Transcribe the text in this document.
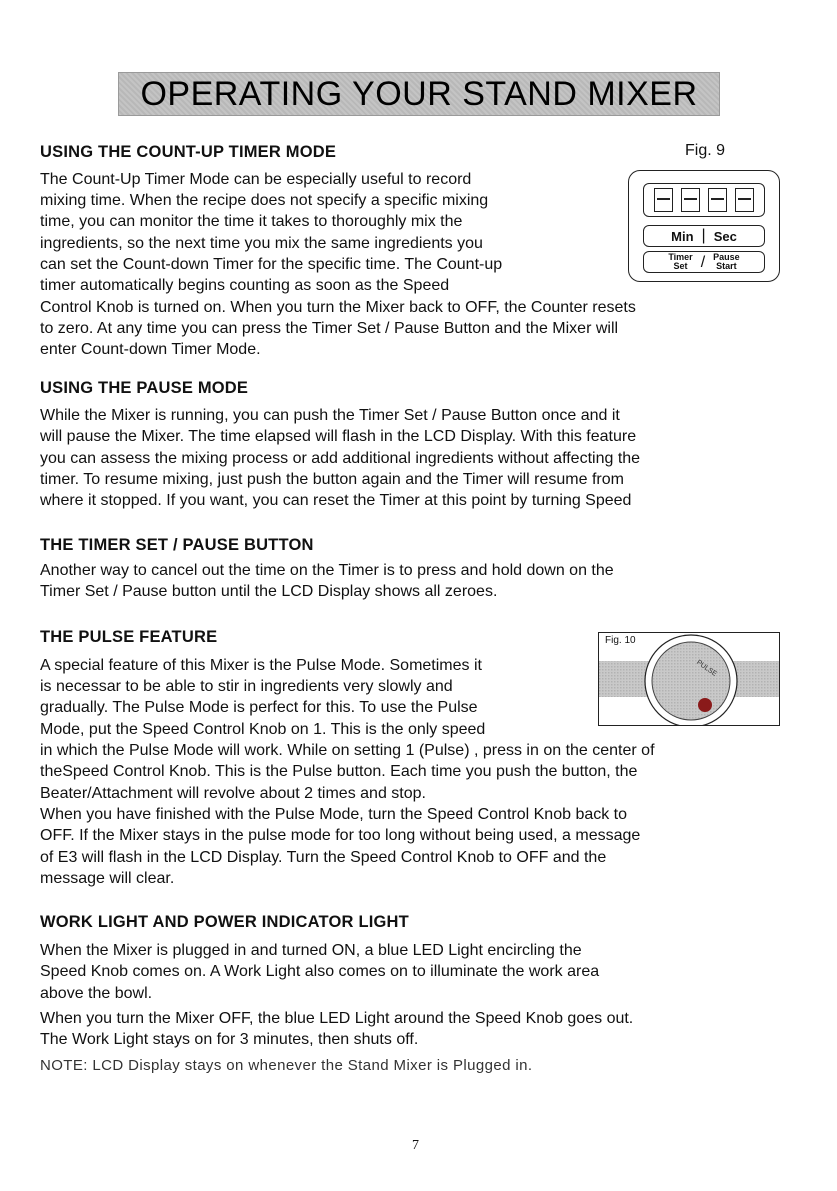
OPERATING YOUR STAND MIXER
USING THE COUNT-UP TIMER MODE

The Count-Up Timer Mode can be especially useful to record

mixing time. When the recipe does not specify a specific mixing

time, you can monitor the time it takes to thoroughly mix the

ingredients, so the next time you mix the same ingredients you

can set the Count-down Timer for the specific time. The Count-up

timer automatically begins counting as soon as the Speed

Control Knob is turned on. When you turn the Mixer back to OFF, the Counter resets

to zero. At any time you can press the Timer Set / Pause Button and the Mixer will

enter Count-down Timer Mode.

Fig. 9
Min | Sec
Timer
Set / Pause
Start
USING THE PAUSE MODE

While the Mixer is running, you can push the Timer Set / Pause Button once and it

will pause the Mixer. The time elapsed will flash in the LCD Display. With this feature

you can assess the mixing process or add additional ingredients without affecting the

timer. To resume mixing, just push the button again and the Timer will resume from

where it stopped. If you want, you can reset the Timer at this point by turning Speed

THE TIMER SET / PAUSE BUTTON

Another way to cancel out the time on the Timer is to press and hold down on the

Timer Set / Pause button until the LCD Display shows all zeroes.

THE PULSE FEATURE

A special feature of this Mixer is the Pulse Mode. Sometimes it

is necessar to be able to stir in ingredients very slowly and

gradually. The Pulse Mode is perfect for this. To use the Pulse

Mode, put the Speed Control Knob on 1. This is the only speed

in which the Pulse Mode will work. While on setting 1 (Pulse) , press in on the center of

theSpeed Control Knob. This is the Pulse button. Each time you push the button, the

Beater/Attachment will revolve about 2 times and stop.

When you have finished with the Pulse Mode, turn the Speed Control Knob back to

OFF. If the Mixer stays in the pulse mode for too long without being used, a message

of E3 will flash in the LCD Display. Turn the Speed Control Knob to OFF and the

message will clear.

Fig. 10
PULSE
WORK LIGHT AND POWER INDICATOR LIGHT

When the Mixer is plugged in and turned ON, a blue LED Light encircling the

Speed Knob comes on. A Work Light also comes on to illuminate the work area

above the bowl.

When you turn the Mixer OFF, the blue LED Light around the Speed Knob goes out.

The Work Light stays on for 3 minutes, then shuts off.

NOTE: LCD Display stays on whenever the Stand Mixer is Plugged in.

7
